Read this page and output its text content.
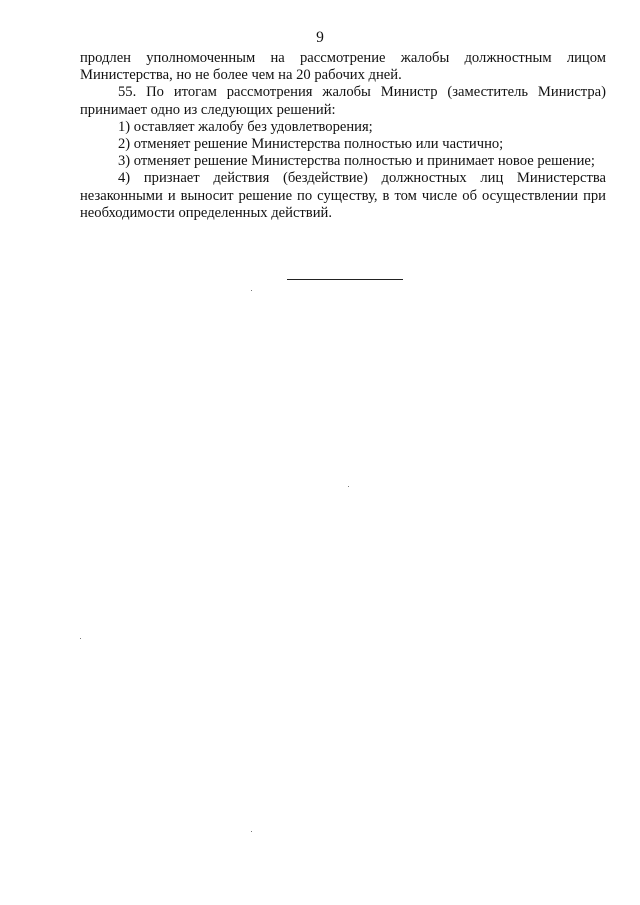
9

продлен уполномоченным на рассмотрение жалобы должностным лицом Министерства, но не более чем на 20 рабочих дней.

55. По итогам рассмотрения жалобы Министр (заместитель Министра) принимает одно из следующих решений:

1) оставляет жалобу без удовлетворения;

2) отменяет решение Министерства полностью или частично;

3) отменяет решение Министерства полностью и принимает новое решение;

4) признает действия (бездействие) должностных лиц Министерства незаконными и выносит решение по существу, в том числе об осуществлении при необходимости определенных действий.
